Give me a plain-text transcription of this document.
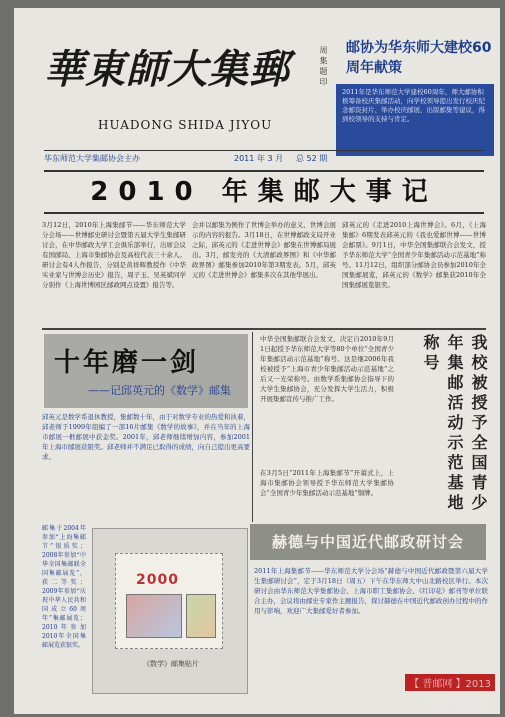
華東師大集郵	周 集 题 印
HUADONG SHIDA JIYOU
邮协为华东师大建校60周年献策
2011年是华东师范大学建校60周年，师大邮协积极筹备校庆集邮活动，向学校领导提出发行校庆纪念邮资封片、举办校庆邮展、出版邮集等建议，得到校领导的支持与肯定。
华东师范大学集邮协会主办	2011 年 3 月 总 52 期
2010 年集邮大事记
3月12日，2010年上海集邮节——华东师范大学分会场——世博邮史研讨会暨第五届大学生集邮研讨会，在中华邮政大学工会俱乐部举行，出席会议有国邮局、上海市集邮协会及高校代表三十余人。研讨会有4人作报告，分别是黄祥辉教授作《中华实业家与世博会历史》报告，周子玉、吴英斌同学分别作《上海世博园区邮政网点设置》报告等。
会并以邮集为例作了世博会举办的意义、世博会展示的内容的报告。3月18日，在世博邮政支局开业之际，邱英元的《走进世博会》邮集在世博邮局展出。3月，邮发亮的《大清邮政界图》和《中华邮政界图》邮集参加2010年第3期发表。5月，邱英元的《走进世博会》邮集多次在其他华展出。
邱英元的《走进2010上海世博会》。6月，《上海集邮》6期发表邱英元的《我也爱邮世博——世博会邮票》。9月1日，中华全国集邮联合会发文，授予华东师范大学“全国青少年集邮活动示范基地”称号。11月12日，组织部分邮协会员参加2010年全国集邮展览，邱英元的《数学》邮集获2010年全国集邮展览银奖。
十年磨一剑
——记邱英元的《数学》邮集
邱英元是数学系退休教授，集邮数十年，由于对数学专业的热爱和执着，邱老师于1999年组编了一部16片邮集《数学的故事》，并在当年的上海市邮展一框邮展中获金奖。2001年，邱老师继续增加内容，参加2001年上海市邮展获银奖。邱老师并不满足已取得的成绩，向自己提出更高要求。
邮集于2004年参加“上海集邮节”银质奖；2008年参加“中华全国集邮联全国集邮展览”，获二等奖；2009年参加“庆祝中华人民共和国成立60周年”集邮展览；2010年参加2010年全国集邮展览获银奖。
2000
《数学》邮集贴片
中华全国集邮联合会发文，决定自2010年9月1日起授予华东师范大学等80个单位“全国青少年集邮活动示范基地”称号。这是继2006年我校被授予“上海市青少年集邮活动示范基地”之后又一光荣称号。由数学系集邮协会指导下的大学生集邮协会，充分发挥大学生活力，积极开展集邮宣传与推广工作。	我校被授予全国青少年集邮活动示范基地称号
在3月5日“2011年上海集邮节”开幕式上，上海市集邮协会领导授予华东师范大学集邮协会“全国青少年集邮活动示范基地”铜牌。
赫德与中国近代邮政研讨会
2011年上海集邮节——华东师范大学分会场“赫德与中国近代邮政暨第六届大学生集邮研讨会”，定于3月18日（周五）下午在华东师大中山北路校区举行。本次研讨会由华东师范大学集邮协会、上海市职工集邮协会、《红印花》邮刊等单位联合主办，会议将由邮史专家作主题报告，探讨赫德在中国近代邮政创办过程中的作用与影响，欢迎广大集邮爱好者参加。
【 普邮网 】2013
www.puu.cn
